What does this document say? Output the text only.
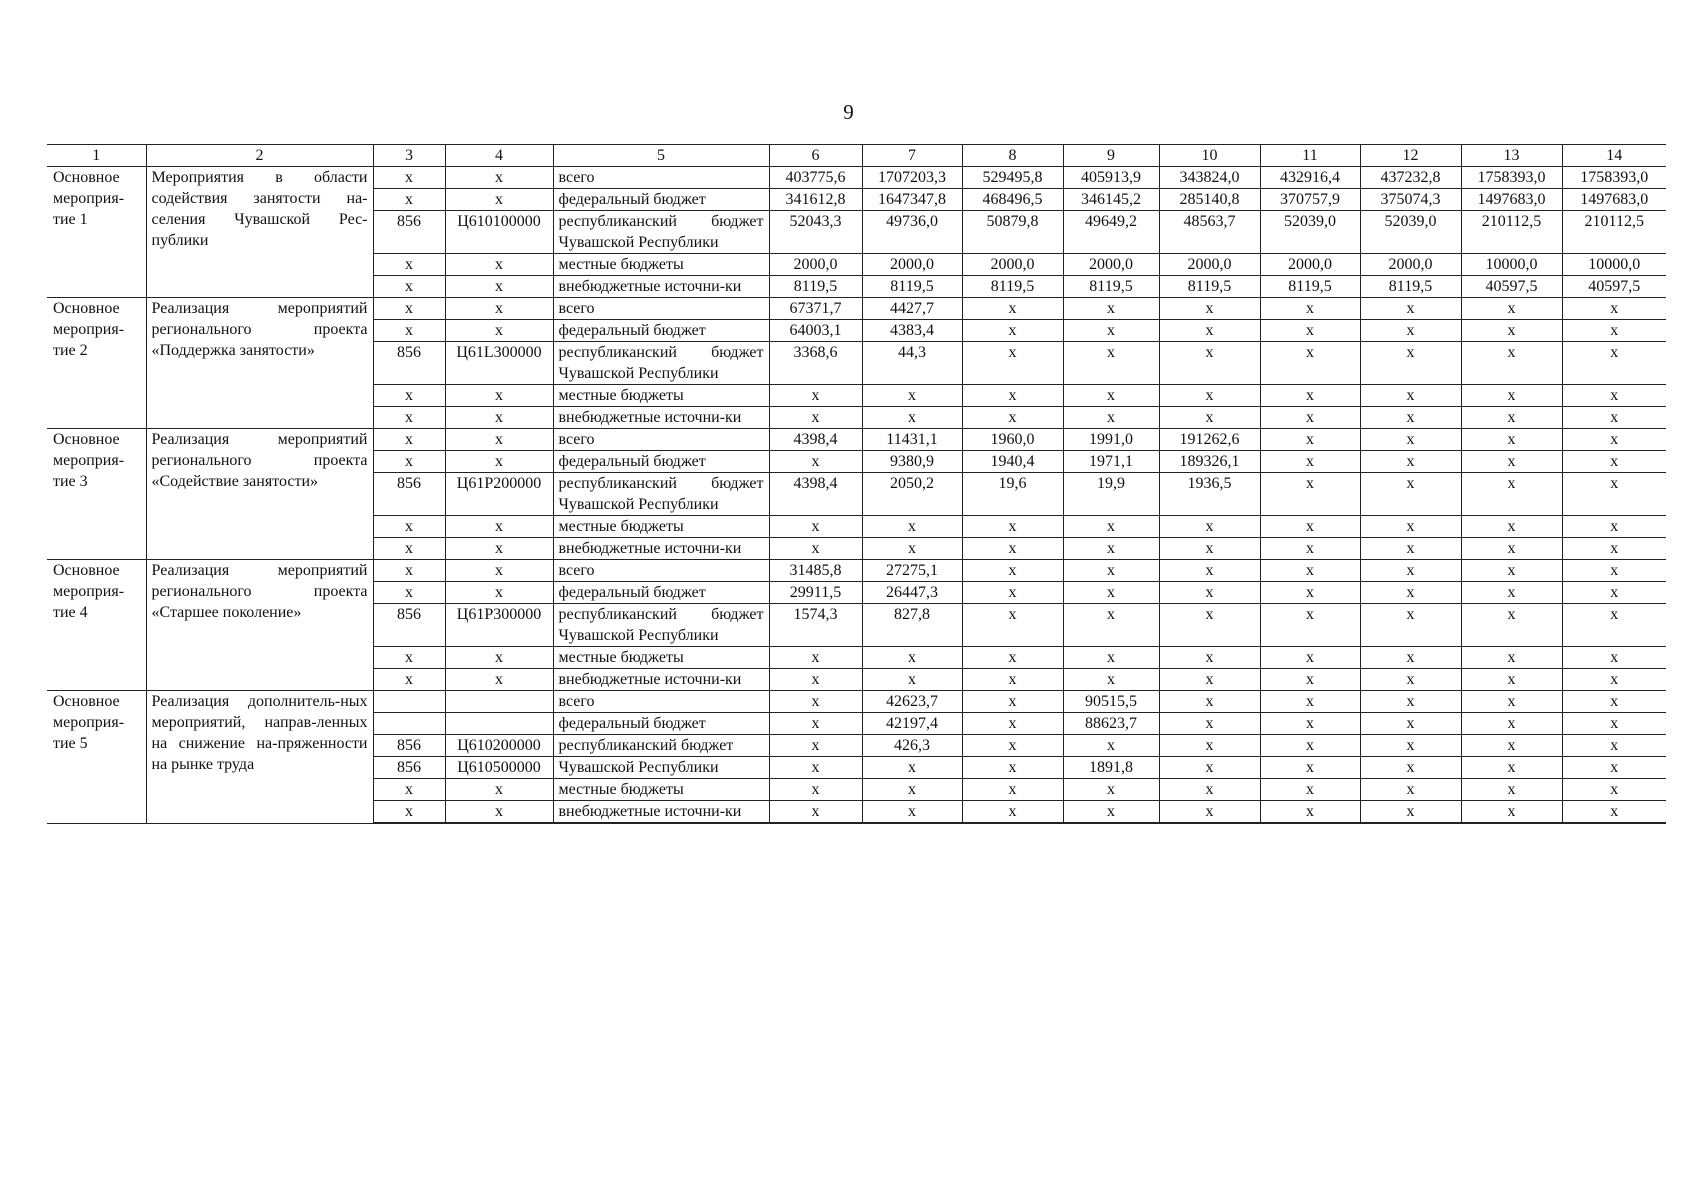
9
1	2	3	4	5	6	7	8	9	10	11	12	13	14
Основное мероприя-тие 1	Мероприятия в области содействия занятости на-селения Чувашской Рес-публики	х	х	всего	403775,6	1707203,3	529495,8	405913,9	343824,0	432916,4	437232,8	1758393,0	1758393,0
		х	х	федеральный бюджет	341612,8	1647347,8	468496,5	346145,2	285140,8	370757,9	375074,3	1497683,0	1497683,0
		856	Ц610100000	республиканский бюджет Чувашской Республики	52043,3	49736,0	50879,8	49649,2	48563,7	52039,0	52039,0	210112,5	210112,5
		х	х	местные бюджеты	2000,0	2000,0	2000,0	2000,0	2000,0	2000,0	2000,0	10000,0	10000,0
		х	х	внебюджетные источни-ки	8119,5	8119,5	8119,5	8119,5	8119,5	8119,5	8119,5	40597,5	40597,5
Основное мероприя-тие 2	Реализация мероприятий регионального проекта «Поддержка занятости»	х	х	всего	67371,7	4427,7	х	х	х	х	х	х	х
		х	х	федеральный бюджет	64003,1	4383,4	х	х	х	х	х	х	х
		856	Ц61L300000	республиканский бюджет Чувашской Республики	3368,6	44,3	х	х	х	х	х	х	х
		х	х	местные бюджеты	х	х	х	х	х	х	х	х	х
		х	х	внебюджетные источни-ки	х	х	х	х	х	х	х	х	х
Основное мероприя-тие 3	Реализация мероприятий регионального проекта «Содействие занятости»	х	х	всего	4398,4	11431,1	1960,0	1991,0	191262,6	х	х	х	х
		х	х	федеральный бюджет	х	9380,9	1940,4	1971,1	189326,1	х	х	х	х
		856	Ц61Р200000	республиканский бюджет Чувашской Республики	4398,4	2050,2	19,6	19,9	1936,5	х	х	х	х
		х	х	местные бюджеты	х	х	х	х	х	х	х	х	х
		х	х	внебюджетные источни-ки	х	х	х	х	х	х	х	х	х
Основное мероприя-тие 4	Реализация мероприятий регионального проекта «Старшее поколение»	х	х	всего	31485,8	27275,1	х	х	х	х	х	х	х
		х	х	федеральный бюджет	29911,5	26447,3	х	х	х	х	х	х	х
		856	Ц61Р300000	республиканский бюджет Чувашской Республики	1574,3	827,8	х	х	х	х	х	х	х
		х	х	местные бюджеты	х	х	х	х	х	х	х	х	х
		х	х	внебюджетные источни-ки	х	х	х	х	х	х	х	х	х
Основное мероприя-тие 5	Реализация дополнитель-ных мероприятий, направ-ленных на снижение на-пряженности на рынке труда			всего	х	42623,7	х	90515,5	х	х	х	х	х
				федеральный бюджет	х	42197,4	х	88623,7	х	х	х	х	х
		856	Ц610200000	республиканский бюджет	х	426,3	х	х	х	х	х	х	х
		856	Ц610500000	Чувашской Республики	х	х	х	1891,8	х	х	х	х	х
		х	х	местные бюджеты	х	х	х	х	х	х	х	х	х
		х	х	внебюджетные источни-ки	х	х	х	х	х	х	х	х	х
